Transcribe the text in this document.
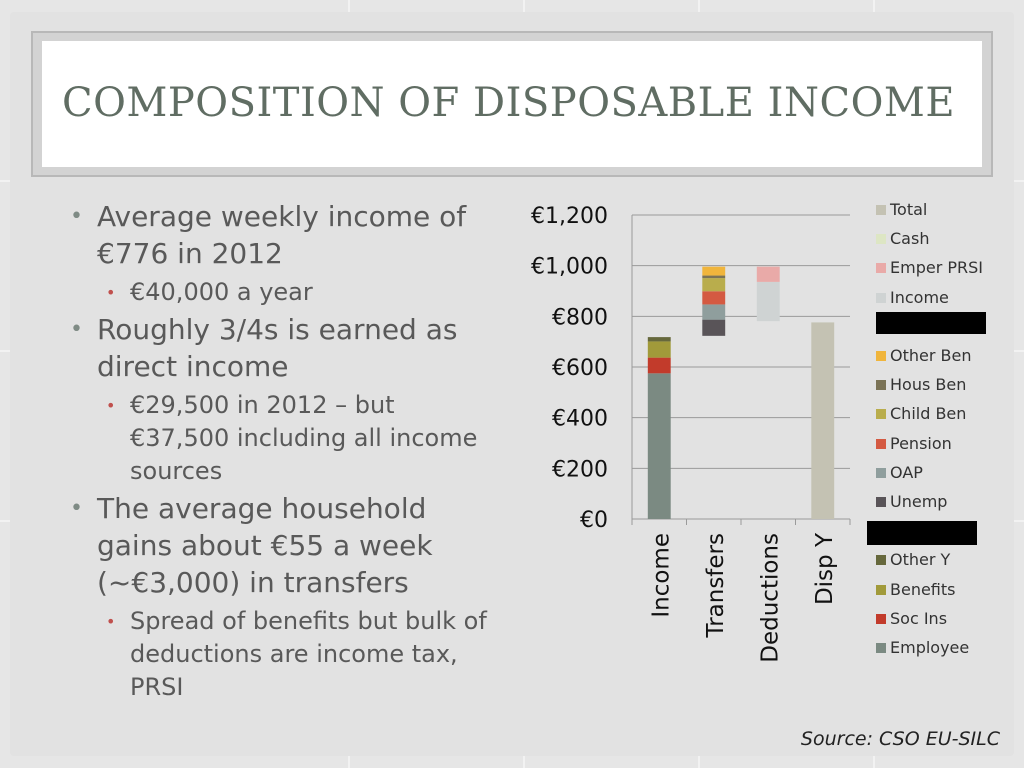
COMPOSITION OF DISPOSABLE INCOME
• Average weekly income of €776 in 2012
• €40,000 a year
• Roughly 3/4s is earned as direct income
• €29,500 in 2012 – but €37,500 including all income sources
• The average household gains about €55 a week (~€3,000) in transfers
• Spread of benefits but bulk of deductions are income tax, PRSI
€0
€200
€400
€600
€800
€1,000
€1,200
Income Transfers Deductions Disp Y
Total
Cash
Emper PRSI
Income
Other Ben
Hous Ben
Child Ben
Pension
OAP
Unemp
Other Y
Benefits
Soc Ins
Employee
Source: CSO EU-SILC
